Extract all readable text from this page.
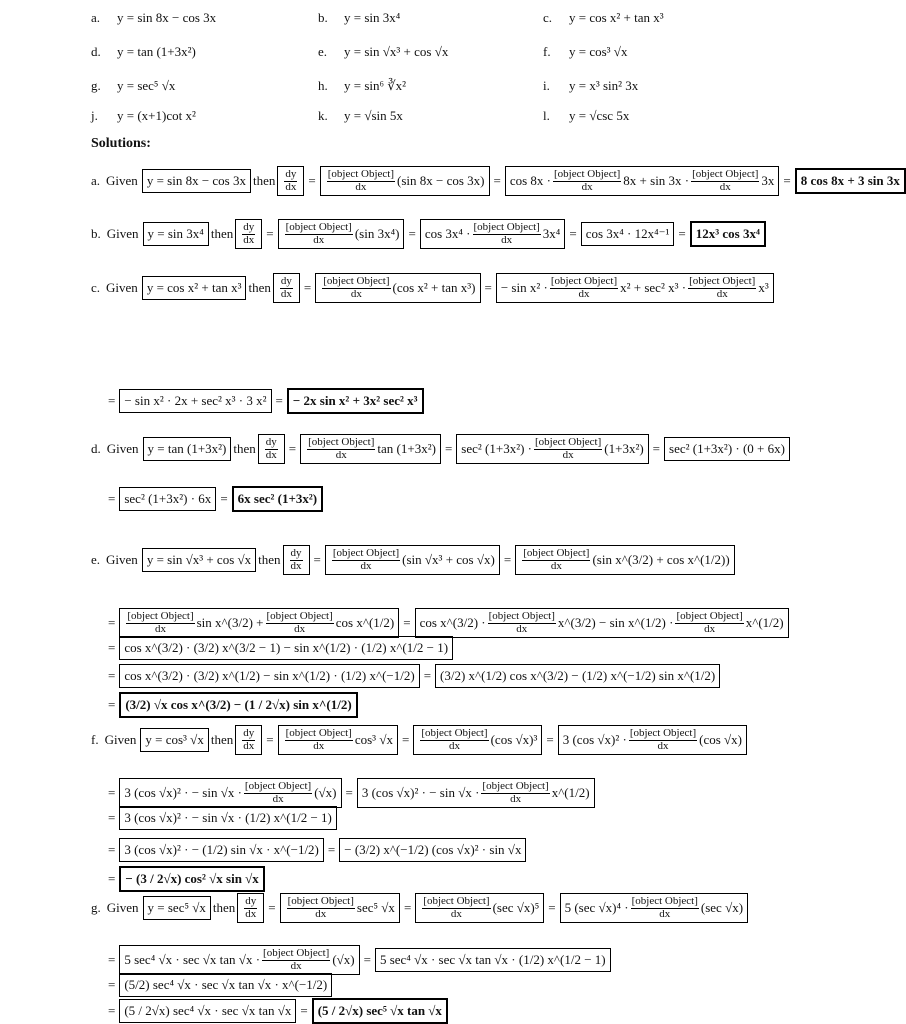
a.	y = sin 8x − cos 3x	b.	y = sin 3x⁴	c.	y = cos x² + tan x³
d.	y = tan (1+3x²)	e.	y = sin √x³ + cos √x	f.	y = cos³ √x
g.	y = sec⁵ √x	h.	y = sin⁶ ∛x²	i.	y = x³ sin² 3x
j.	y = (x+1)cot x²	k.	y = √sin 5x	l.	y = √csc 5x
Solutions:
a. Given y = sin 8x − cos 3x then $\frac{dy}{dx} = \frac{\text{[object Object]}}{dx} (\sin$ $8x - \cos 3x) = \cos 8x \cdot \frac{\text{[object Object]}}{dx} 8x + \sin 3x \cdot \frac{\text{[object Object]}}{dx} 3x = 8$ cos 8x + 3 sin 3x
b. Given y = sin 3x⁴ then $\frac{dy}{dx} = \frac{\text{[object Object]}}{dx} (\sin$ $3x^4) = \cos 3x^4 \cdot \frac{\text{[object Object]}}{dx} 3x^4 = \cos 3x^4 \cdot 12x^{4-1} = 12x^3$ cos 3x⁴
c. Given y = cos x² + tan x³ then $\frac{dy}{dx} = \frac{\text{[object Object]}}{dx} (\cos$ x² + tan x³) = − $\sin x^2 \cdot \frac{\text{[object Object]}}{dx} x^2 + \sec^2$ $x^3 \cdot \frac{\text{[object Object]}}{dx} x^3$
= − sin x² · 2x + sec² x³ · 3 x² = − 2x sin x² + 3x² sec² x³
d. Given y = tan (1+3x²) then $\frac{dy}{dx} = \frac{\text{[object Object]}}{dx}$ tan (1+3x²) = sec² $(1+3x^2) \cdot \frac{\text{[object Object]}}{dx} (1+3x^2) = \sec^2$ (1+3x²) · (0 + 6x)
= sec² (1+3x²) · 6x = 6x sec² (1+3x²)
e. Given y = sin √x³ + cos √x then $\frac{dy}{dx} = \frac{\text{[object Object]}}{dx} (\sin$ $√x^3 + \cos √x) = \frac{\text{[object Object]}}{dx} (\sin$ x^(3/2) + cos x^(1/2))
= $\frac{\text{[object Object]}}{dx}$ sin x^(3/2) + $\frac{\text{[object Object]}}{dx}$ cos x^(1/2) = cos x^(3/2) · $\frac{\text{[object Object]}}{dx}$ x^(3/2) − sin x^(1/2) · $\frac{\text{[object Object]}}{dx}$ x^(1/2)
= cos x^(3/2) · (3/2) x^(3/2 − 1) − sin x^(1/2) · (1/2) x^(1/2 − 1)
= cos x^(3/2) · (3/2) x^(1/2) − sin x^(1/2) · (1/2) x^(−1/2) = (3/2) x^(1/2) cos x^(3/2) − (1/2) x^(−1/2) sin x^(1/2)
= (3/2) √x cos x^(3/2) − (1 / 2√x) sin x^(1/2)
f. Given y = cos³ √x then $\frac{dy}{dx} = \frac{\text{[object Object]}}{dx} \cos^3$ $√x = \frac{\text{[object Object]}}{dx} (\cos$ √x)³ = 3 (cos $√x)^2 \cdot \frac{\text{[object Object]}}{dx} (\cos$ √x)
= 3 (cos √x)² · − $\sin √x \cdot \frac{\text{[object Object]}}{dx} (√x) = 3$ (cos √x)² · − $\sin √x \cdot \frac{\text{[object Object]}}{dx}$ x^(1/2)
= 3 (cos √x)² · − sin √x · (1/2) x^(1/2 − 1)
= 3 (cos √x)² · − (1/2) sin √x · x^(−1/2) = − (3/2) x^(−1/2) (cos √x)² · sin √x
= − (3 / 2√x) cos² √x sin √x
g. Given y = sec⁵ √x then $\frac{dy}{dx} = \frac{\text{[object Object]}}{dx} \sec^5$ $√x = \frac{\text{[object Object]}}{dx} (\sec$ √x)⁵ = 5 (sec $√x)^4 \cdot \frac{\text{[object Object]}}{dx} (\sec$ √x)
= 5 sec⁴ √x · sec √x $\tan √x \cdot \frac{\text{[object Object]}}{dx} (√x) = 5$ sec⁴ √x · sec √x tan √x · (1/2) x^(1/2 − 1)
= (5/2) sec⁴ √x · sec √x tan √x · x^(−1/2)
= (5 / 2√x) sec⁴ √x · sec √x tan √x = (5 / 2√x) sec⁵ √x tan √x
